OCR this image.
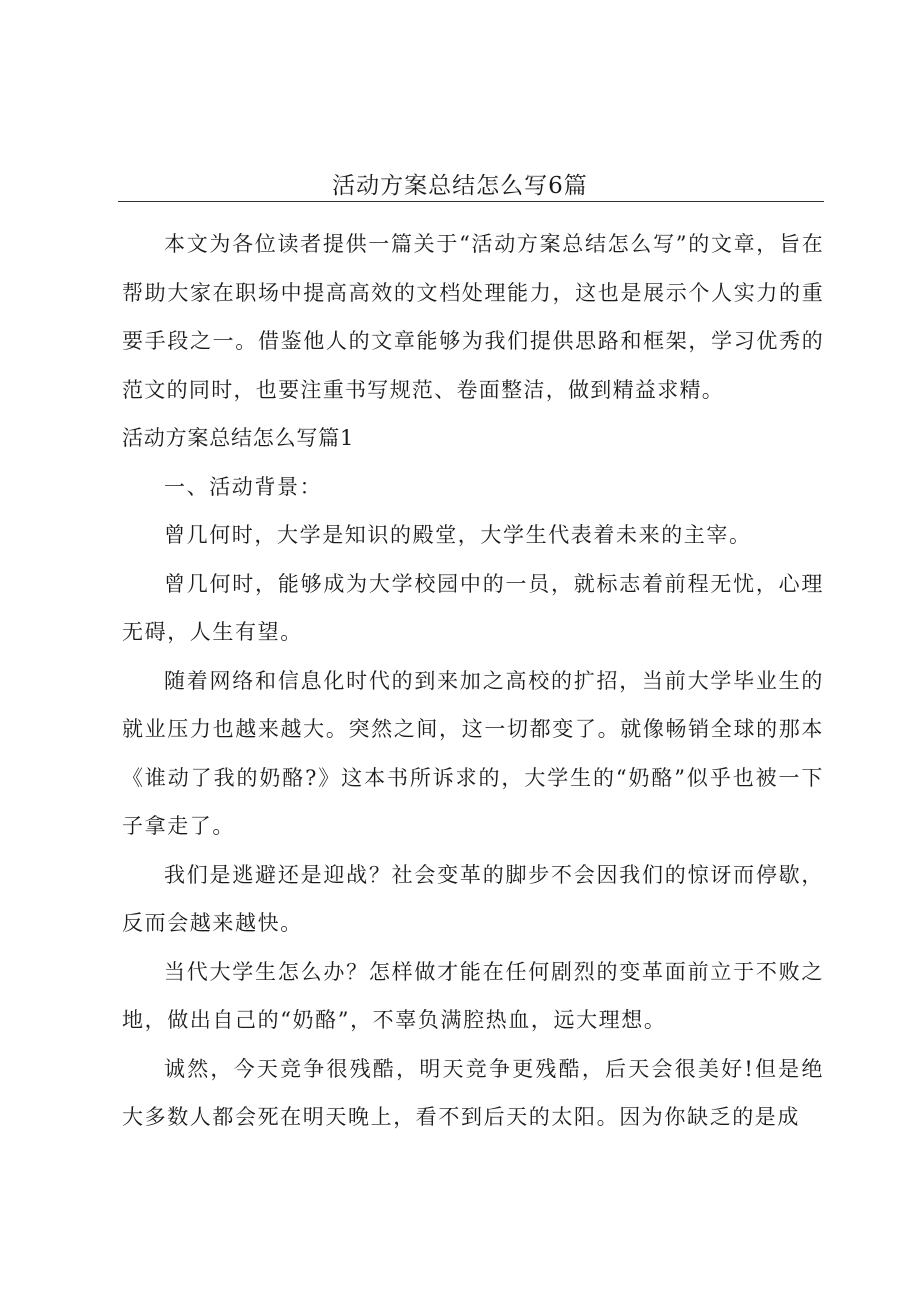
活动方案总结怎么写6篇

本文为各位读者提供一篇关于“活动方案总结怎么写”的文章，旨在帮助大家在职场中提高高效的文档处理能力，这也是展示个人实力的重要手段之一。借鉴他人的文章能够为我们提供思路和框架，学习优秀的范文的同时，也要注重书写规范、卷面整洁，做到精益求精。

活动方案总结怎么写篇1

一、活动背景：

曾几何时，大学是知识的殿堂，大学生代表着未来的主宰。

曾几何时，能够成为大学校园中的一员，就标志着前程无忧，心理无碍，人生有望。

随着网络和信息化时代的到来加之高校的扩招，当前大学毕业生的就业压力也越来越大。突然之间，这一切都变了。就像畅销全球的那本《谁动了我的奶酪?》这本书所诉求的，大学生的“奶酪”似乎也被一下子拿走了。

我们是逃避还是迎战？社会变革的脚步不会因我们的惊讶而停歇，反而会越来越快。

当代大学生怎么办？怎样做才能在任何剧烈的变革面前立于不败之地，做出自己的“奶酪”，不辜负满腔热血，远大理想。

诚然，今天竞争很残酷，明天竞争更残酷，后天会很美好!但是绝大多数人都会死在明天晚上，看不到后天的太阳。因为你缺乏的是成
